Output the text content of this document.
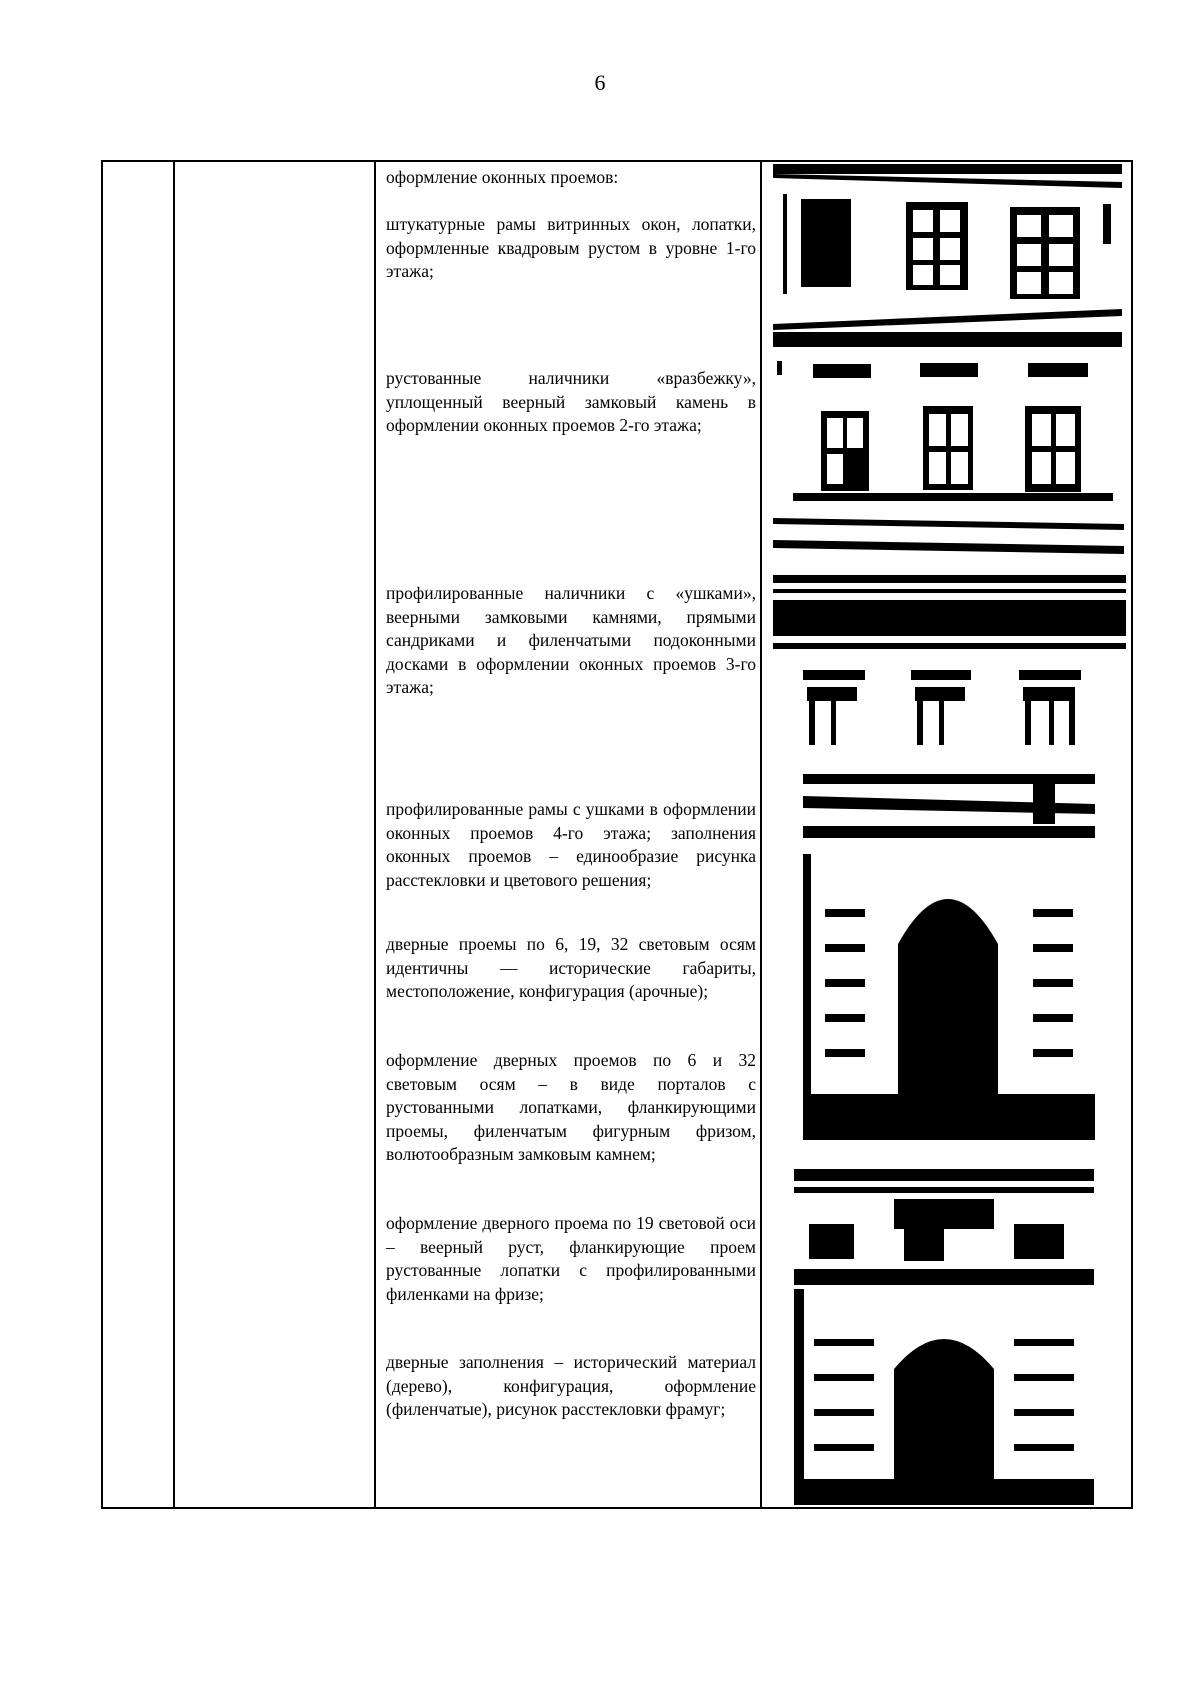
6
оформление оконных проемов:
штукатурные рамы витринных окон, лопатки, оформленные квадровым рустом в уровне 1-го этажа;
рустованные наличники «вразбежку», уплощенный веерный замковый камень в оформлении оконных проемов 2-го этажа;
профилированные наличники с «ушками», веерными замковыми камнями, прямыми сандриками и филенчатыми подоконными досками в оформлении оконных проемов 3-го этажа;
профилированные рамы с ушками в оформлении оконных проемов 4-го этажа; заполнения оконных проемов – единообразие рисунка расстекловки и цветового решения;
дверные проемы по 6, 19, 32 световым осям идентичны — исторические габариты, местоположение, конфигурация (арочные);
оформление дверных проемов по 6 и 32 световым осям – в виде порталов с рустованными лопатками, фланкирующими проемы, филенчатым фигурным фризом, волютообразным замковым камнем;
оформление дверного проема по 19 световой оси – веерный руст, фланкирующие проем рустованные лопатки с профилированными филенками на фризе;
дверные заполнения – исторический материал (дерево), конфигурация, оформление (филенчатые), рисунок расстекловки фрамуг;
